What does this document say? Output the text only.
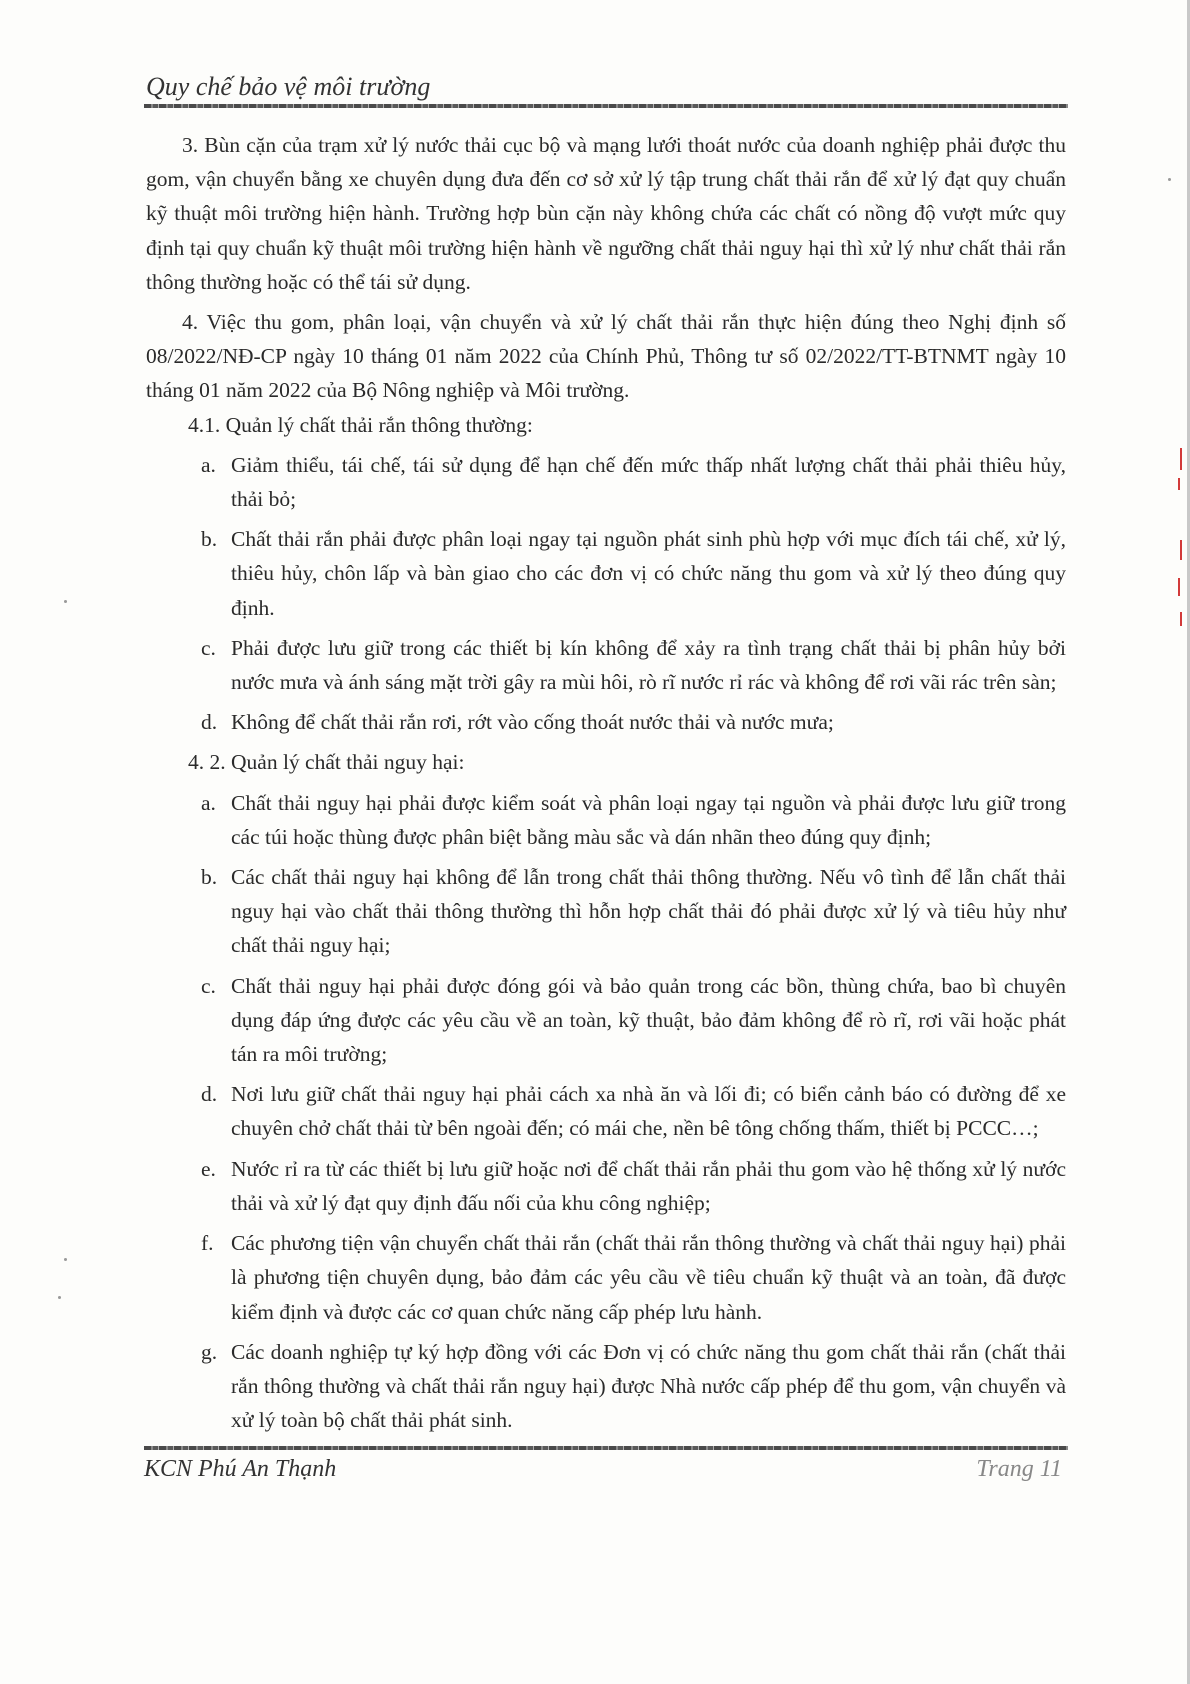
Quy chế bảo vệ môi trường

3. Bùn cặn của trạm xử lý nước thải cục bộ và mạng lưới thoát nước của doanh nghiệp phải được thu gom, vận chuyển bằng xe chuyên dụng đưa đến cơ sở xử lý tập trung chất thải rắn để xử lý đạt quy chuẩn kỹ thuật môi trường hiện hành. Trường hợp bùn cặn này không chứa các chất có nồng độ vượt mức quy định tại quy chuẩn kỹ thuật môi trường hiện hành về ngưỡng chất thải nguy hại thì xử lý như chất thải rắn thông thường hoặc có thể tái sử dụng.

4. Việc thu gom, phân loại, vận chuyển và xử lý chất thải rắn thực hiện đúng theo Nghị định số 08/2022/NĐ-CP ngày 10 tháng 01 năm 2022 của Chính Phủ, Thông tư số 02/2022/TT-BTNMT ngày 10 tháng 01 năm 2022 của Bộ Nông nghiệp và Môi trường.

4.1. Quản lý chất thải rắn thông thường:

a. Giảm thiểu, tái chế, tái sử dụng để hạn chế đến mức thấp nhất lượng chất thải phải thiêu hủy, thải bỏ;

b. Chất thải rắn phải được phân loại ngay tại nguồn phát sinh phù hợp với mục đích tái chế, xử lý, thiêu hủy, chôn lấp và bàn giao cho các đơn vị có chức năng thu gom và xử lý theo đúng quy định.

c. Phải được lưu giữ trong các thiết bị kín không để xảy ra tình trạng chất thải bị phân hủy bởi nước mưa và ánh sáng mặt trời gây ra mùi hôi, rò rĩ nước rỉ rác và không để rơi vãi rác trên sàn;

d. Không để chất thải rắn rơi, rớt vào cống thoát nước thải và nước mưa;

4. 2. Quản lý chất thải nguy hại:

a. Chất thải nguy hại phải được kiểm soát và phân loại ngay tại nguồn và phải được lưu giữ trong các túi hoặc thùng được phân biệt bằng màu sắc và dán nhãn theo đúng quy định;

b. Các chất thải nguy hại không để lẫn trong chất thải thông thường. Nếu vô tình để lẫn chất thải nguy hại vào chất thải thông thường thì hỗn hợp chất thải đó phải được xử lý và tiêu hủy như chất thải nguy hại;

c. Chất thải nguy hại phải được đóng gói và bảo quản trong các bồn, thùng chứa, bao bì chuyên dụng đáp ứng được các yêu cầu về an toàn, kỹ thuật, bảo đảm không để rò rĩ, rơi vãi hoặc phát tán ra môi trường;

d. Nơi lưu giữ chất thải nguy hại phải cách xa nhà ăn và lối đi; có biển cảnh báo có đường để xe chuyên chở chất thải từ bên ngoài đến; có mái che, nền bê tông chống thấm, thiết bị PCCC…;

e. Nước rỉ ra từ các thiết bị lưu giữ hoặc nơi để chất thải rắn phải thu gom vào hệ thống xử lý nước thải và xử lý đạt quy định đấu nối của khu công nghiệp;

f. Các phương tiện vận chuyển chất thải rắn (chất thải rắn thông thường và chất thải nguy hại) phải là phương tiện chuyên dụng, bảo đảm các yêu cầu về tiêu chuẩn kỹ thuật và an toàn, đã được kiểm định và được các cơ quan chức năng cấp phép lưu hành.

g. Các doanh nghiệp tự ký hợp đồng với các Đơn vị có chức năng thu gom chất thải rắn (chất thải rắn thông thường và chất thải rắn nguy hại) được Nhà nước cấp phép để thu gom, vận chuyển và xử lý toàn bộ chất thải phát sinh.

KCN Phú An Thạnh	Trang 11
